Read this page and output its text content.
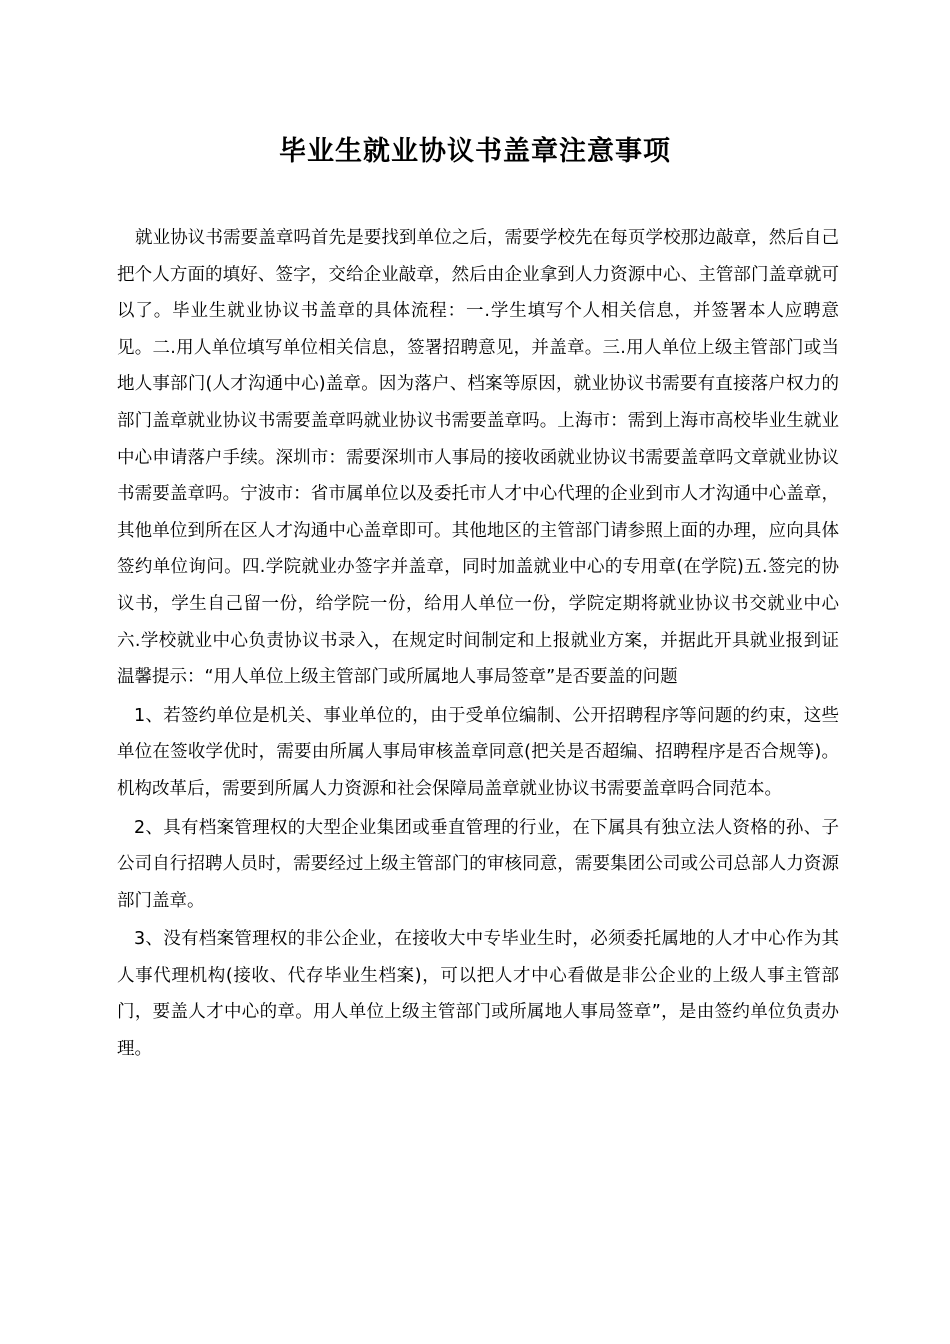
毕业生就业协议书盖章注意事项

就业协议书需要盖章吗首先是要找到单位之后，需要学校先在每页学校那边敲章，然后自己把个人方面的填好、签字，交给企业敲章，然后由企业拿到人力资源中心、主管部门盖章就可以了。毕业生就业协议书盖章的具体流程：一.学生填写个人相关信息，并签署本人应聘意见。二.用人单位填写单位相关信息，签署招聘意见，并盖章。三.用人单位上级主管部门或当地人事部门(人才沟通中心)盖章。因为落户、档案等原因，就业协议书需要有直接落户权力的部门盖章就业协议书需要盖章吗就业协议书需要盖章吗。上海市：需到上海市高校毕业生就业中心申请落户手续。深圳市：需要深圳市人事局的接收函就业协议书需要盖章吗文章就业协议书需要盖章吗。宁波市：省市属单位以及委托市人才中心代理的企业到市人才沟通中心盖章，其他单位到所在区人才沟通中心盖章即可。其他地区的主管部门请参照上面的办理，应向具体签约单位询问。四.学院就业办签字并盖章，同时加盖就业中心的专用章(在学院)五.签完的协议书，学生自己留一份，给学院一份，给用人单位一份，学院定期将就业协议书交就业中心六.学校就业中心负责协议书录入，在规定时间制定和上报就业方案，并据此开具就业报到证温馨提示：“用人单位上级主管部门或所属地人事局签章”是否要盖的问题

1、若签约单位是机关、事业单位的，由于受单位编制、公开招聘程序等问题的约束，这些单位在签收学优时，需要由所属人事局审核盖章同意(把关是否超编、招聘程序是否合规等)。机构改革后，需要到所属人力资源和社会保障局盖章就业协议书需要盖章吗合同范本。

2、具有档案管理权的大型企业集团或垂直管理的行业，在下属具有独立法人资格的孙、子公司自行招聘人员时，需要经过上级主管部门的审核同意，需要集团公司或公司总部人力资源部门盖章。

3、没有档案管理权的非公企业，在接收大中专毕业生时，必须委托属地的人才中心作为其人事代理机构(接收、代存毕业生档案)，可以把人才中心看做是非公企业的上级人事主管部门，要盖人才中心的章。用人单位上级主管部门或所属地人事局签章”，是由签约单位负责办理。
